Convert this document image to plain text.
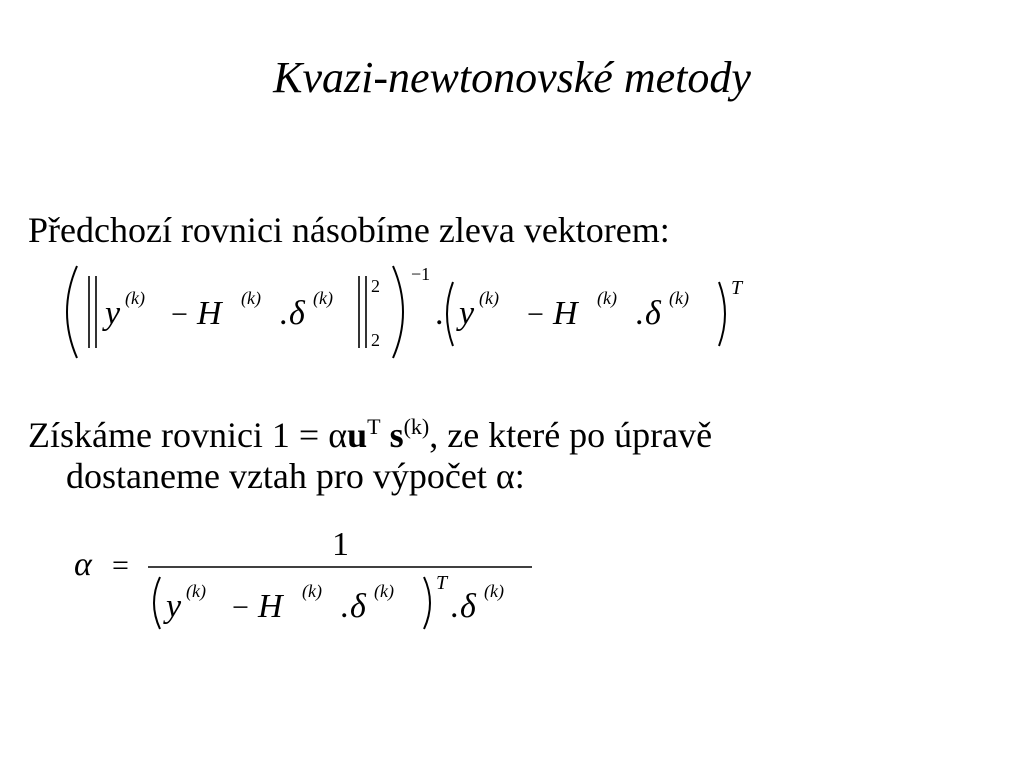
Kvazi-newtonovské metody
Předchozí rovnici násobíme zleva vektorem:
y (k) − H (k) . δ (k)
2
2
−1
. y (k) − H (k) . δ (k) T
Získáme rovnici $1 = \alpha u^T$ $s^{(k)}$, ze které po úpravě
dostaneme vztah pro výpočet α:
α =
1
y (k) − H (k) . δ (k) T
. δ (k)
